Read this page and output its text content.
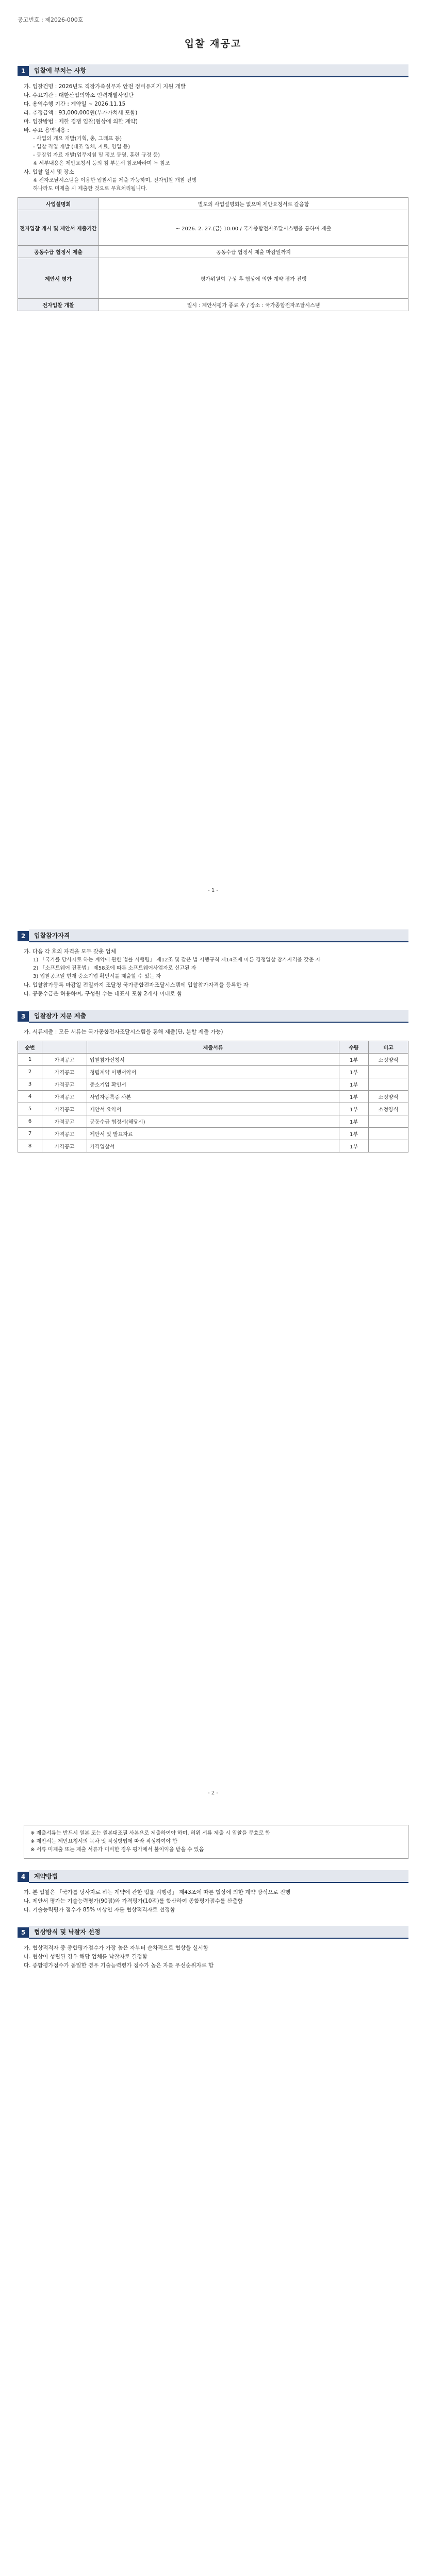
공고번호 : 제2026-000호
입찰 재공고
1	입찰에 부치는 사항
가. 입찰건명 : 2026년도 직장가족실무자 안전 정비유지기 지원 개발
나. 수요기관 : 대한산업의학소 인력개발사업단
다. 용역수행 기간 : 계약일 ~ 2026.11.15
라. 추정금액 : 93,000,000원(부가가치세 포함)
마. 입찰방법 : 제한 경쟁 입찰(협상에 의한 계약)
바. 주요 용역내용 :
- 사업의 개요 개발(기획, 총, 그래프 등)
- 입찰 직업 개발 (대조 업체, 자료, 영업 등)
- 등장업 자료 개발(업무지침 및 정보 동영, 훈련 규정 등)
※ 세부내용은 제안요청서 등의 첨 부문서 참조바라며 두 참조
사. 입찰 일시 및 장소
※ 전자조달시스템을 이용한 입찰서를 제출 가능하며, 전자입찰 개찰 진행
하나라도 미제출 시 제출한 것으로 무효처리됩니다.
사업설명회	별도의 사업설명회는 없으며 제안요청서로 갈음함
전자입찰 개시 및 제안서 제출기간	~ 2026. 2. 27.(금) 10:00 / 국가종합전자조달시스템을 통하여 제출
공동수급 협정서 제출	공동수급 협정서 제출 마감일까지
제안서 평가	평가위원회 구성 후 협상에 의한 계약 평가 진행
전자입찰 개찰	일시 : 제안서평가 종료 후 / 장소 : 국가종합전자조달시스템
- 1 -
2	입찰참가자격
가. 다음 각 호의 자격을 모두 갖춘 업체
1) 「국가를 당사자로 하는 계약에 관한 법률 시행령」 제12조 및 같은 법 시행규칙 제14조에 따른 경쟁입찰 참가자격을 갖춘 자
2) 「소프트웨어 진흥법」 제58조에 따른 소프트웨어사업자로 신고된 자
3) 입찰공고일 현재 중소기업 확인서를 제출할 수 있는 자
나. 입찰참가등록 마감일 전일까지 조달청 국가종합전자조달시스템에 입찰참가자격을 등록한 자
다. 공동수급은 허용하며, 구성원 수는 대표사 포함 2개사 이내로 함
3	입찰참가 지문 제출
가. 서류제출 : 모든 서류는 국가종합전자조달시스템을 통해 제출(단, 분할 제출 가능)
순번		제출서류	수량	비고
1	가격공고	입찰참가신청서	1부	소정양식
2	가격공고	청렴계약 이행서약서	1부	
3	가격공고	중소기업 확인서	1부	
4	가격공고	사업자등록증 사본	1부	소정양식
5	가격공고	제안서 요약서	1부	소정양식
6	가격공고	공동수급 협정서(해당시)	1부	
7	가격공고	제안서 및 발표자료	1부	
8	가격공고	가격입찰서	1부	
- 2 -
※ 제출서류는 반드시 원본 또는 원본대조필 사본으로 제출하여야 하며, 허위 서류 제출 시 입찰을 무효로 함
※ 제안서는 제안요청서의 목차 및 작성방법에 따라 작성하여야 함
※ 서류 미제출 또는 제출 서류가 미비한 경우 평가에서 불이익을 받을 수 있음
4	계약방법
가. 본 입찰은 「국가를 당사자로 하는 계약에 관한 법률 시행령」 제43조에 따른 협상에 의한 계약 방식으로 진행
나. 제안서 평가는 기술능력평가(90점)와 가격평가(10점)를 합산하여 종합평가점수를 산출함
다. 기술능력평가 점수가 85% 이상인 자를 협상적격자로 선정함
5	협상방식 및 낙찰자 선정
가. 협상적격자 중 종합평가점수가 가장 높은 자부터 순차적으로 협상을 실시함
나. 협상이 성립된 경우 해당 업체를 낙찰자로 결정함
다. 종합평가점수가 동일한 경우 기술능력평가 점수가 높은 자를 우선순위자로 함
